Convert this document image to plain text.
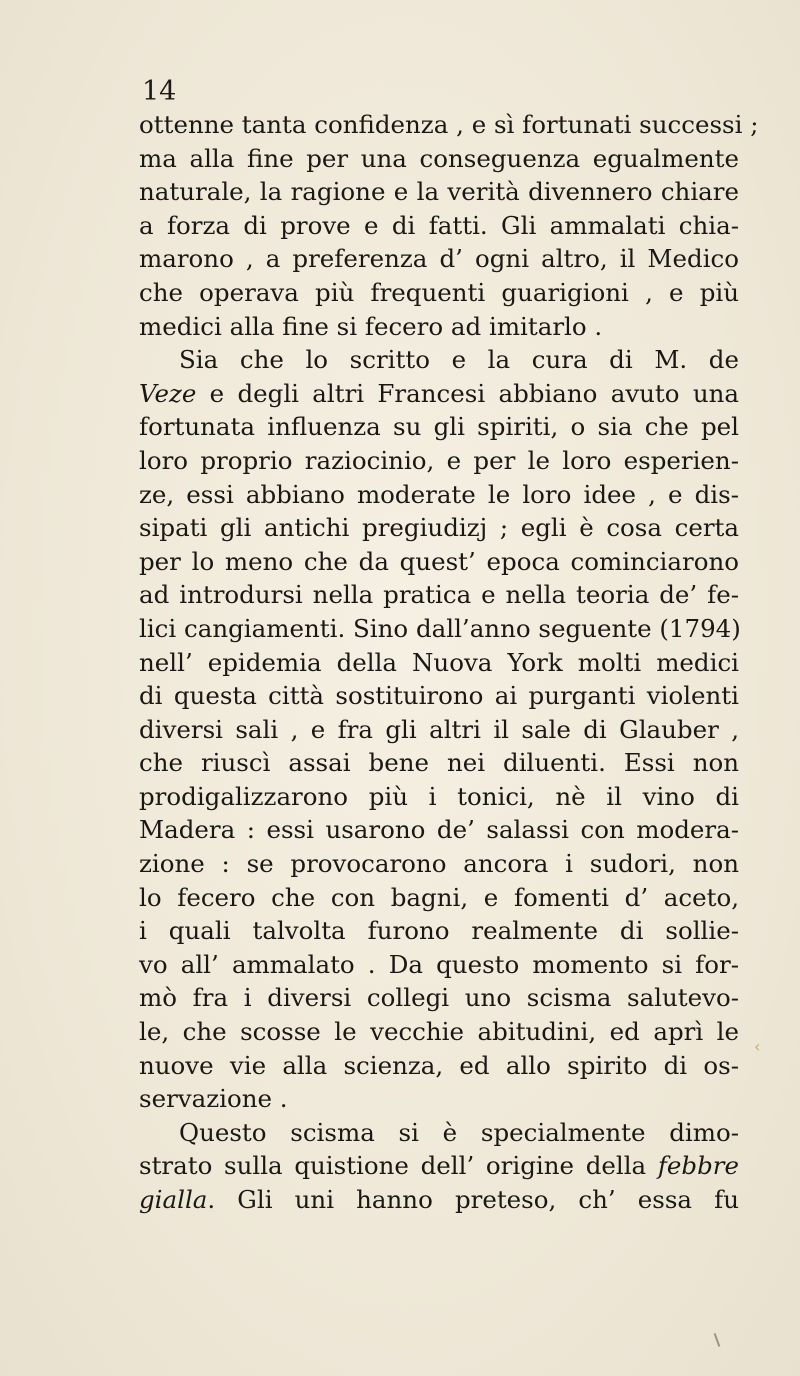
14
ottenne tanta confidenza , e sì fortunati successi ;
ma alla fine per una conseguenza egualmente
naturale, la ragione e la verità divennero chiare
a forza di prove e di fatti. Gli ammalati chia-
marono , a preferenza d’ ogni altro, il Medico
che operava più frequenti guarigioni , e più
medici alla fine si fecero ad imitarlo .
Sia che lo scritto e la cura di M. de
Veze e degli altri Francesi abbiano avuto una
fortunata influenza su gli spiriti, o sia che pel
loro proprio raziocinio, e per le loro esperien-
ze, essi abbiano moderate le loro idee , e dis-
sipati gli antichi pregiudizj ; egli è cosa certa
per lo meno che da quest’ epoca cominciarono
ad introdursi nella pratica e nella teoria de’ fe-
lici cangiamenti. Sino dall’anno seguente (1794)
nell’ epidemia della Nuova York molti medici
di questa città sostituirono ai purganti violenti
diversi sali , e fra gli altri il sale di Glauber ,
che riuscì assai bene nei diluenti. Essi non
prodigalizzarono più i tonici, nè il vino di
Madera : essi usarono de’ salassi con modera-
zione : se provocarono ancora i sudori, non
lo fecero che con bagni, e fomenti d’ aceto,
i quali talvolta furono realmente di sollie-
vo all’ ammalato . Da questo momento si for-
mò fra i diversi collegi uno scisma salutevo-
le, che scosse le vecchie abitudini, ed aprì le
nuove vie alla scienza, ed allo spirito di os-
servazione .
Questo scisma si è specialmente dimo-
strato sulla quistione dell’ origine della febbre
gialla. Gli uni hanno preteso, ch’ essa fu
‹
